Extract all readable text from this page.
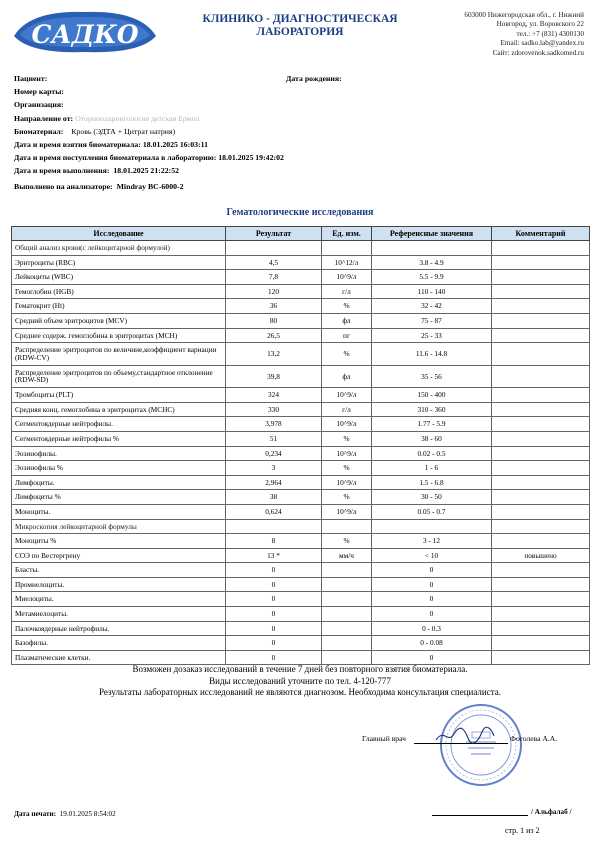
САДКО
КЛИНИКО - ДИАГНОСТИЧЕСКАЯ
ЛАБОРАТОРИЯ
603000 Нижегородская обл., г. Нижний
Новгород, ул. Воровского 22
тел.: +7 (831) 4300130
Email: sadko.lab@yandex.ru
Сайт: zdorovenok.sadkomed.ru
Пациент:	Дата рождения:
Номер карты:
Организация:
Направление от: Оториноларингология детская Ермол
Биоматериал: Кровь (ЭДТА + Цитрат натрия)
Дата и время взятия биоматериала: 18.01.2025 16:03:11
Дата и время поступления биоматериала в лабораторию: 18.01.2025 19:42:02
Дата и время выполнения: 18.01.2025 21:22:52
Выполнено на анализаторе: Mindray BC-6000-2
Гематологические исследования
Исследование	Результат	Ед. изм.	Референсные значения	Комментарий
Общий анализ крови(с лейкоцитарной формулой)				
Эритроциты (RBC)	4,5	10^12/л	3.8 - 4.9	
Лейкоциты (WBC)	7,8	10^9/л	5.5 - 9.9	
Гемоглобин (HGB)	120	г/л	110 - 140	
Гематокрит (Ht)	36	%	32 - 42	
Средний объем эритроцитов (MCV)	80	фл	75 - 87	
Среднее содерж. гемоглобина в эритроцитах (MCH)	26,5	пг	25 - 33	
Распределение эритроцитов по величине,коэффициент вариации (RDW-CV)	13,2	%	11.6 - 14.8	
Распределение эритроцитов по объему,стандартное отклонение (RDW-SD)	39,8	фл	35 - 56	
Тромбоциты (PLT)	324	10^9/л	150 - 400	
Средняя конц. гемоглобина в эритроцитах (MCHC)	330	г/л	310 - 360	
Сегментоядерные нейтрофилы.	3,978	10^9/л	1.77 - 5.9	
Сегментоядерные нейтрофилы %	51	%	38 - 60	
Эозинофилы.	0,234	10^9/л	0.02 - 0.5	
Эозинофилы %	3	%	1 - 6	
Лимфоциты.	2,964	10^9/л	1.5 - 6.8	
Лимфоциты %	38	%	30 - 50	
Моноциты.	0,624	10^9/л	0.05 - 0.7	
Микроскопия лейкоцитарной формулы				
Моноциты %	8	%	3 - 12	
СОЭ по Вестергрену	13 *	мм/ч	< 10	повышено
Бласты.	0		0	
Промиелоциты.	0		0	
Миелоциты.	0		0	
Метамиелоциты.	0		0	
Палочкоядерные нейтрофилы.	0		0 - 0.3	
Базофилы.	0		0 - 0.08	
Плазматические клетки.	0		0	
Возможен дозаказ исследований в течение 7 дней без повторного взятия биоматериала.
Виды исследований уточните по тел. 4-120-777
Результаты лабораторных исследований не являются диагнозом. Необходима консультация специалиста.
Главный врач	Фоголева А.А.
Дата печати: 19.01.2025 8:54:02	/ Альфалаб /
стр. 1 из 2
